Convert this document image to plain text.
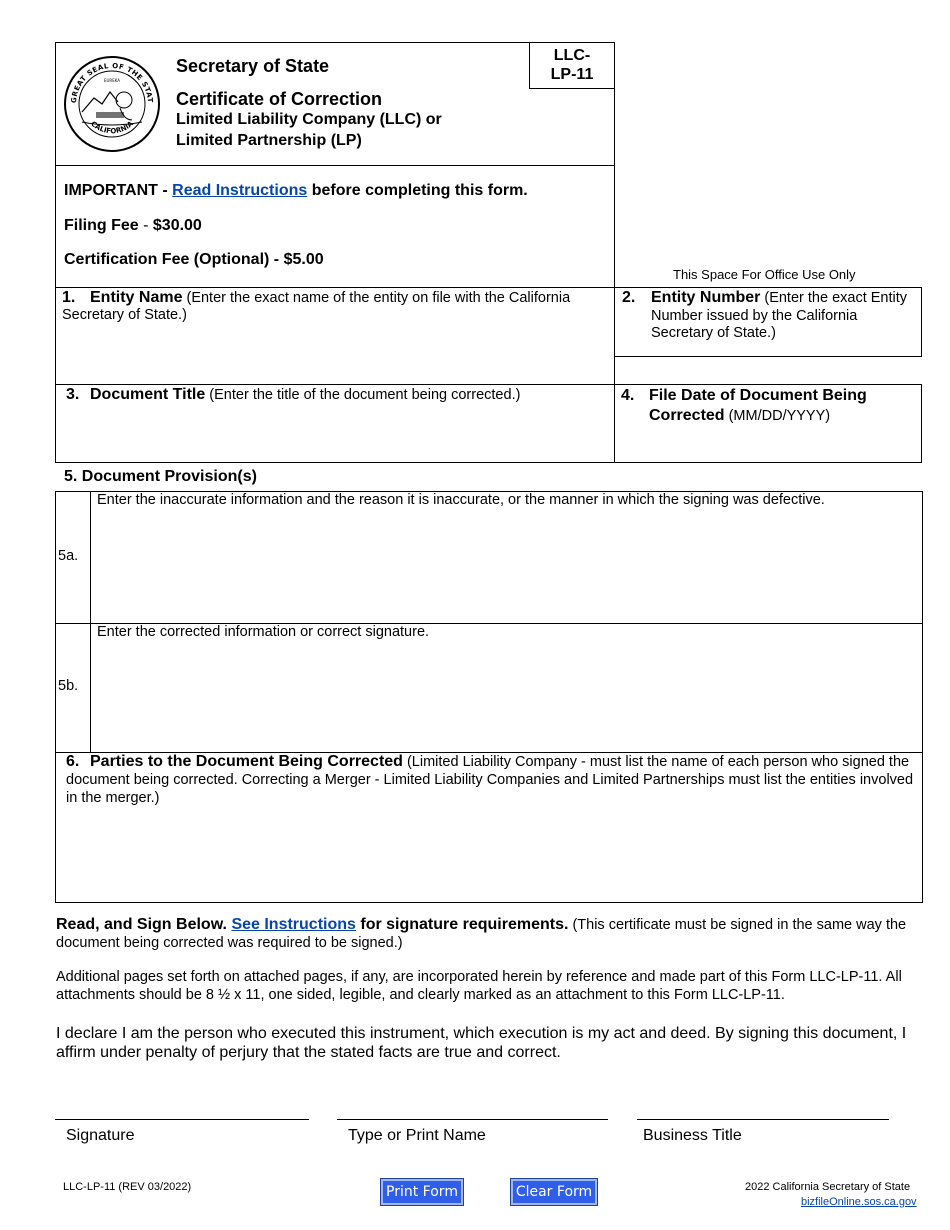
GREAT SEAL OF THE STAT
CALIFORNIA
EUREKA
Secretary of State
Certificate of Correction
Limited Liability Company (LLC) or
Limited Partnership (LP)
LLC-
LP-11
IMPORTANT - Read Instructions before completing this form.
Filing Fee - $30.00
Certification Fee (Optional) - $5.00
This Space For Office Use Only
1. Entity Name (Enter the exact name of the entity on file with the California Secretary of State.)
2. Entity Number (Enter the exact Entity Number issued by the California Secretary of State.)
3. Document Title (Enter the title of the document being corrected.)	4. File Date of Document Being Corrected (MM/DD/YYYY)
5. Document Provision(s)
5a.
Enter the inaccurate information and the reason it is inaccurate, or the manner in which the signing was defective.
5b.
Enter the corrected information or correct signature.
6. Parties to the Document Being Corrected (Limited Liability Company - must list the name of each person who signed the document being corrected. Correcting a Merger - Limited Liability Companies and Limited Partnerships must list the entities involved in the merger.)
Read, and Sign Below. See Instructions for signature requirements. (This certificate must be signed in the same way the document being corrected was required to be signed.)
Additional pages set forth on attached pages, if any, are incorporated herein by reference and made part of this Form LLC-LP-11. All attachments should be 8 ½ x 11, one sided, legible, and clearly marked as an attachment to this Form LLC-LP-11.
I declare I am the person who executed this instrument, which execution is my act and deed. By signing this document, I affirm under penalty of perjury that the stated facts are true and correct.
Signature	Type or Print Name	Business Title
LLC-LP-11 (REV 03/2022)	Print Form	Clear Form	2022 California Secretary of State
bizfileOnline.sos.ca.gov
